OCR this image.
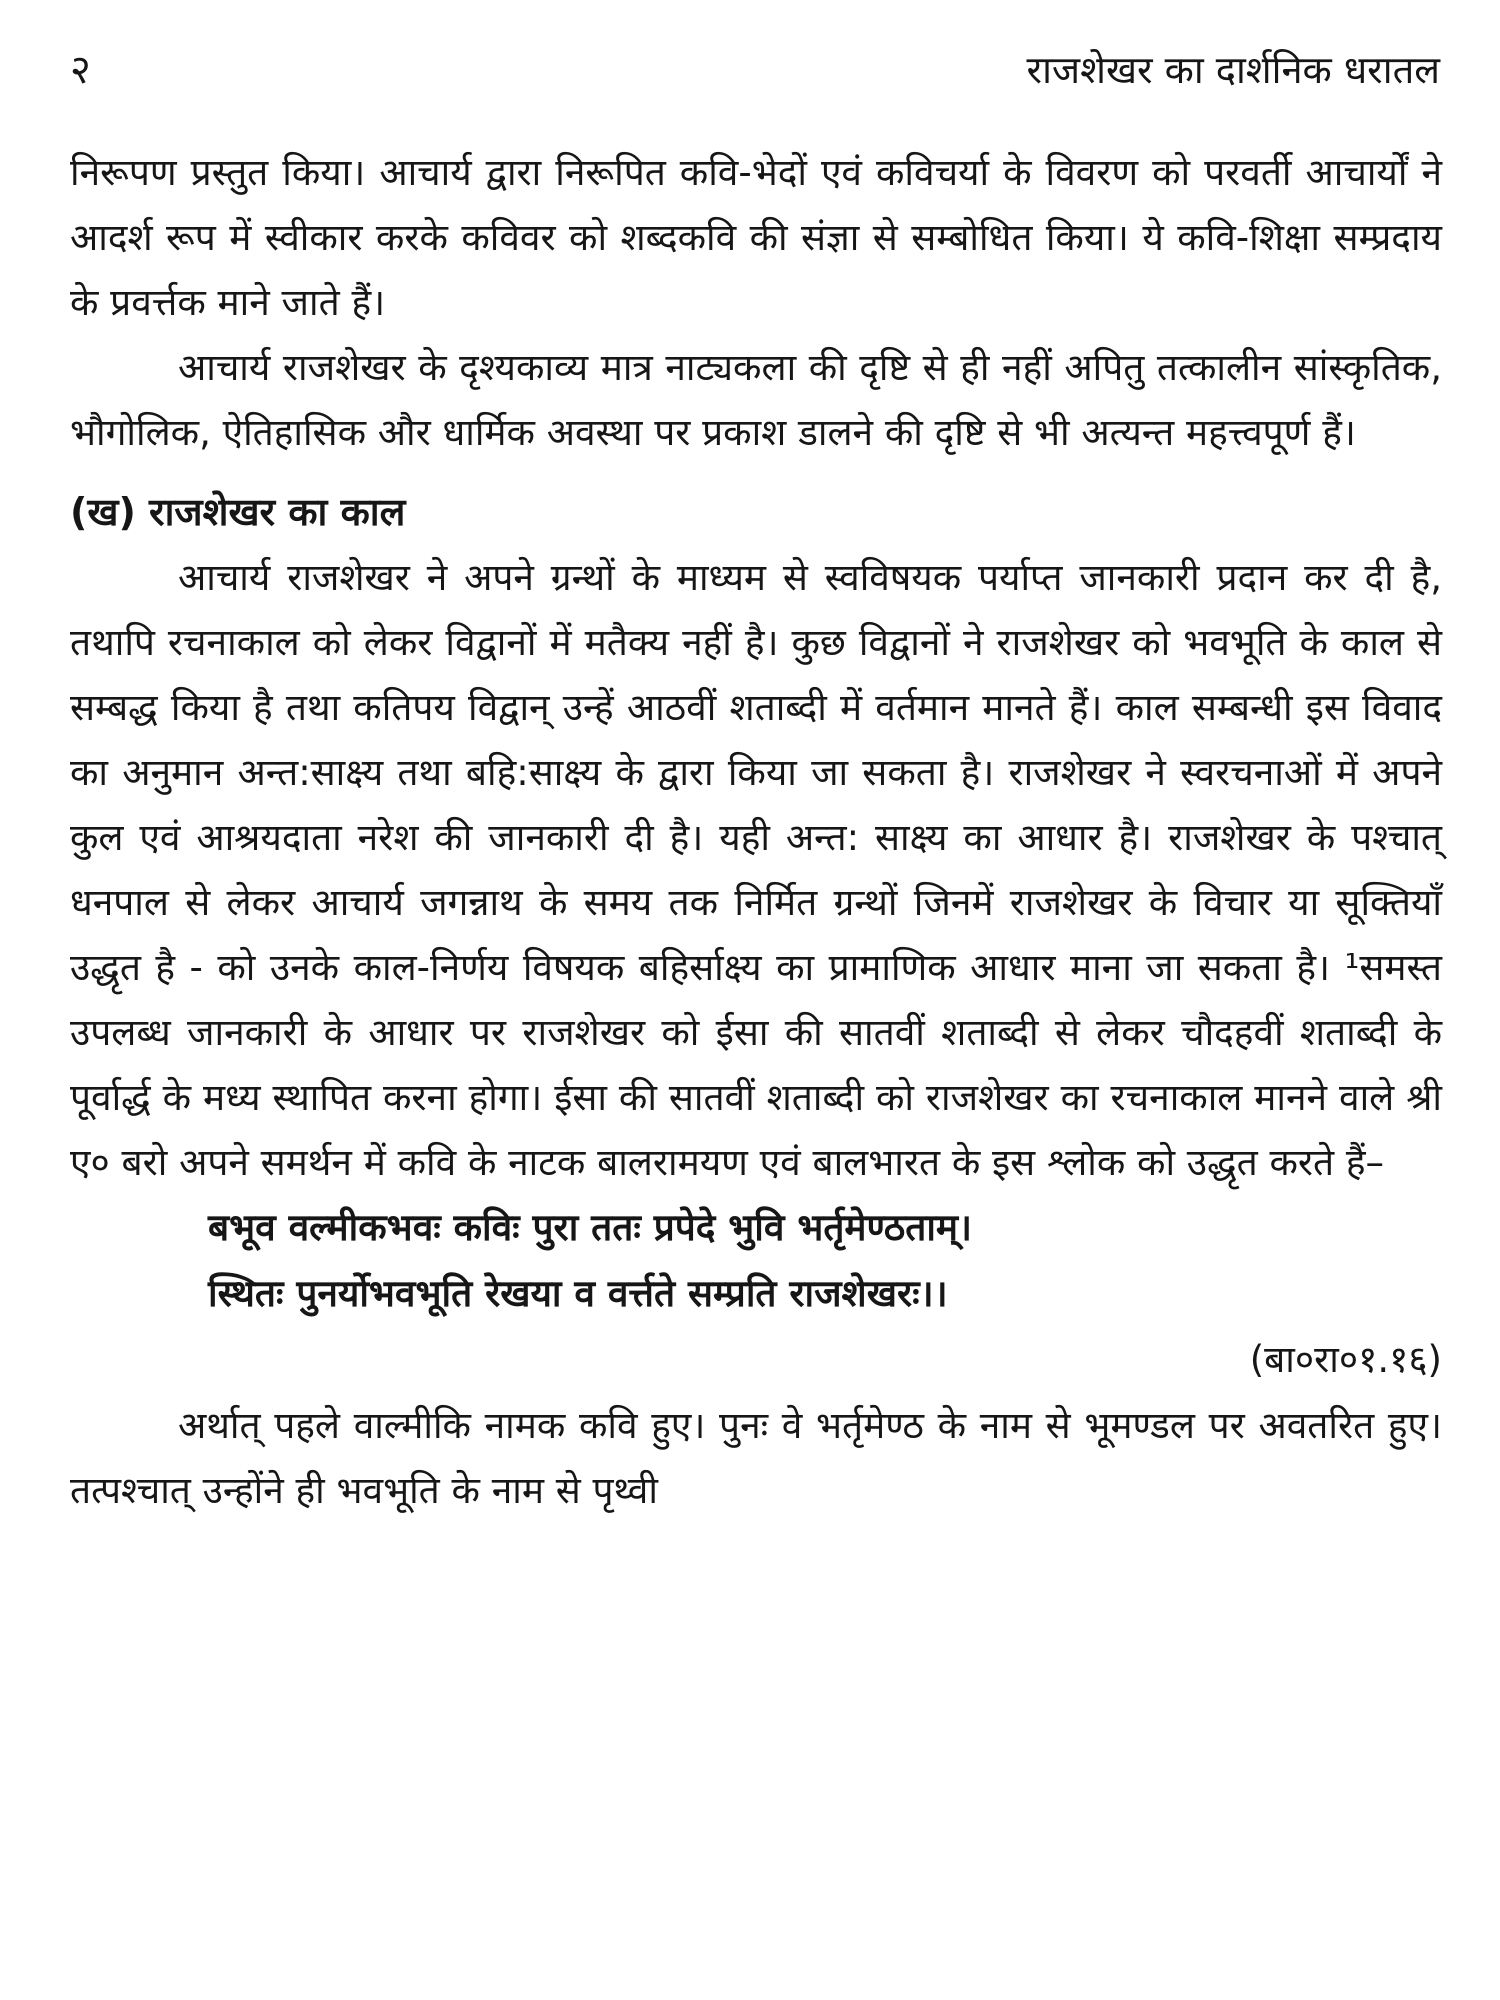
२	राजशेखर का दार्शनिक धरातल

निरूपण प्रस्तुत किया। आचार्य द्वारा निरूपित कवि-भेदों एवं कविचर्या के विवरण को परवर्ती आचार्यों ने आदर्श रूप में स्वीकार करके कविवर को शब्दकवि की संज्ञा से सम्बोधित किया। ये कवि-शिक्षा सम्प्रदाय के प्रवर्त्तक माने जाते हैं।

आचार्य राजशेखर के दृश्यकाव्य मात्र नाट्यकला की दृष्टि से ही नहीं अपितु तत्कालीन सांस्कृतिक, भौगोलिक, ऐतिहासिक और धार्मिक अवस्था पर प्रकाश डालने की दृष्टि से भी अत्यन्त महत्त्वपूर्ण हैं।

(ख) राजशेखर का काल

आचार्य राजशेखर ने अपने ग्रन्थों के माध्यम से स्वविषयक पर्याप्त जानकारी प्रदान कर दी है, तथापि रचनाकाल को लेकर विद्वानों में मतैक्य नहीं है। कुछ विद्वानों ने राजशेखर को भवभूति के काल से सम्बद्ध किया है तथा कतिपय विद्वान् उन्हें आठवीं शताब्दी में वर्तमान मानते हैं। काल सम्बन्धी इस विवाद का अनुमान अन्त:साक्ष्य तथा बहि:साक्ष्य के द्वारा किया जा सकता है। राजशेखर ने स्वरचनाओं में अपने कुल एवं आश्रयदाता नरेश की जानकारी दी है। यही अन्त: साक्ष्य का आधार है। राजशेखर के पश्चात् धनपाल से लेकर आचार्य जगन्नाथ के समय तक निर्मित ग्रन्थों जिनमें राजशेखर के विचार या सूक्तियाँ उद्धृत है - को उनके काल-निर्णय विषयक बहिर्साक्ष्य का प्रामाणिक आधार माना जा सकता है। ¹समस्त उपलब्ध जानकारी के आधार पर राजशेखर को ईसा की सातवीं शताब्दी से लेकर चौदहवीं शताब्दी के पूर्वार्द्ध के मध्य स्थापित करना होगा। ईसा की सातवीं शताब्दी को राजशेखर का रचनाकाल मानने वाले श्री ए० बरो अपने समर्थन में कवि के नाटक बालरामयण एवं बालभारत के इस श्लोक को उद्धृत करते हैं–

बभूव वल्मीकभवः कविः पुरा ततः प्रपेदे भुवि भर्तृमेण्ठताम्।
स्थितः पुनर्योभवभूति रेखया व वर्त्तते सम्प्रति राजशेखरः।।
(बा०रा०१.१६)

अर्थात् पहले वाल्मीकि नामक कवि हुए। पुनः वे भर्तृमेण्ठ के नाम से भूमण्डल पर अवतरित हुए। तत्पश्चात् उन्होंने ही भवभूति के नाम से पृथ्वी
